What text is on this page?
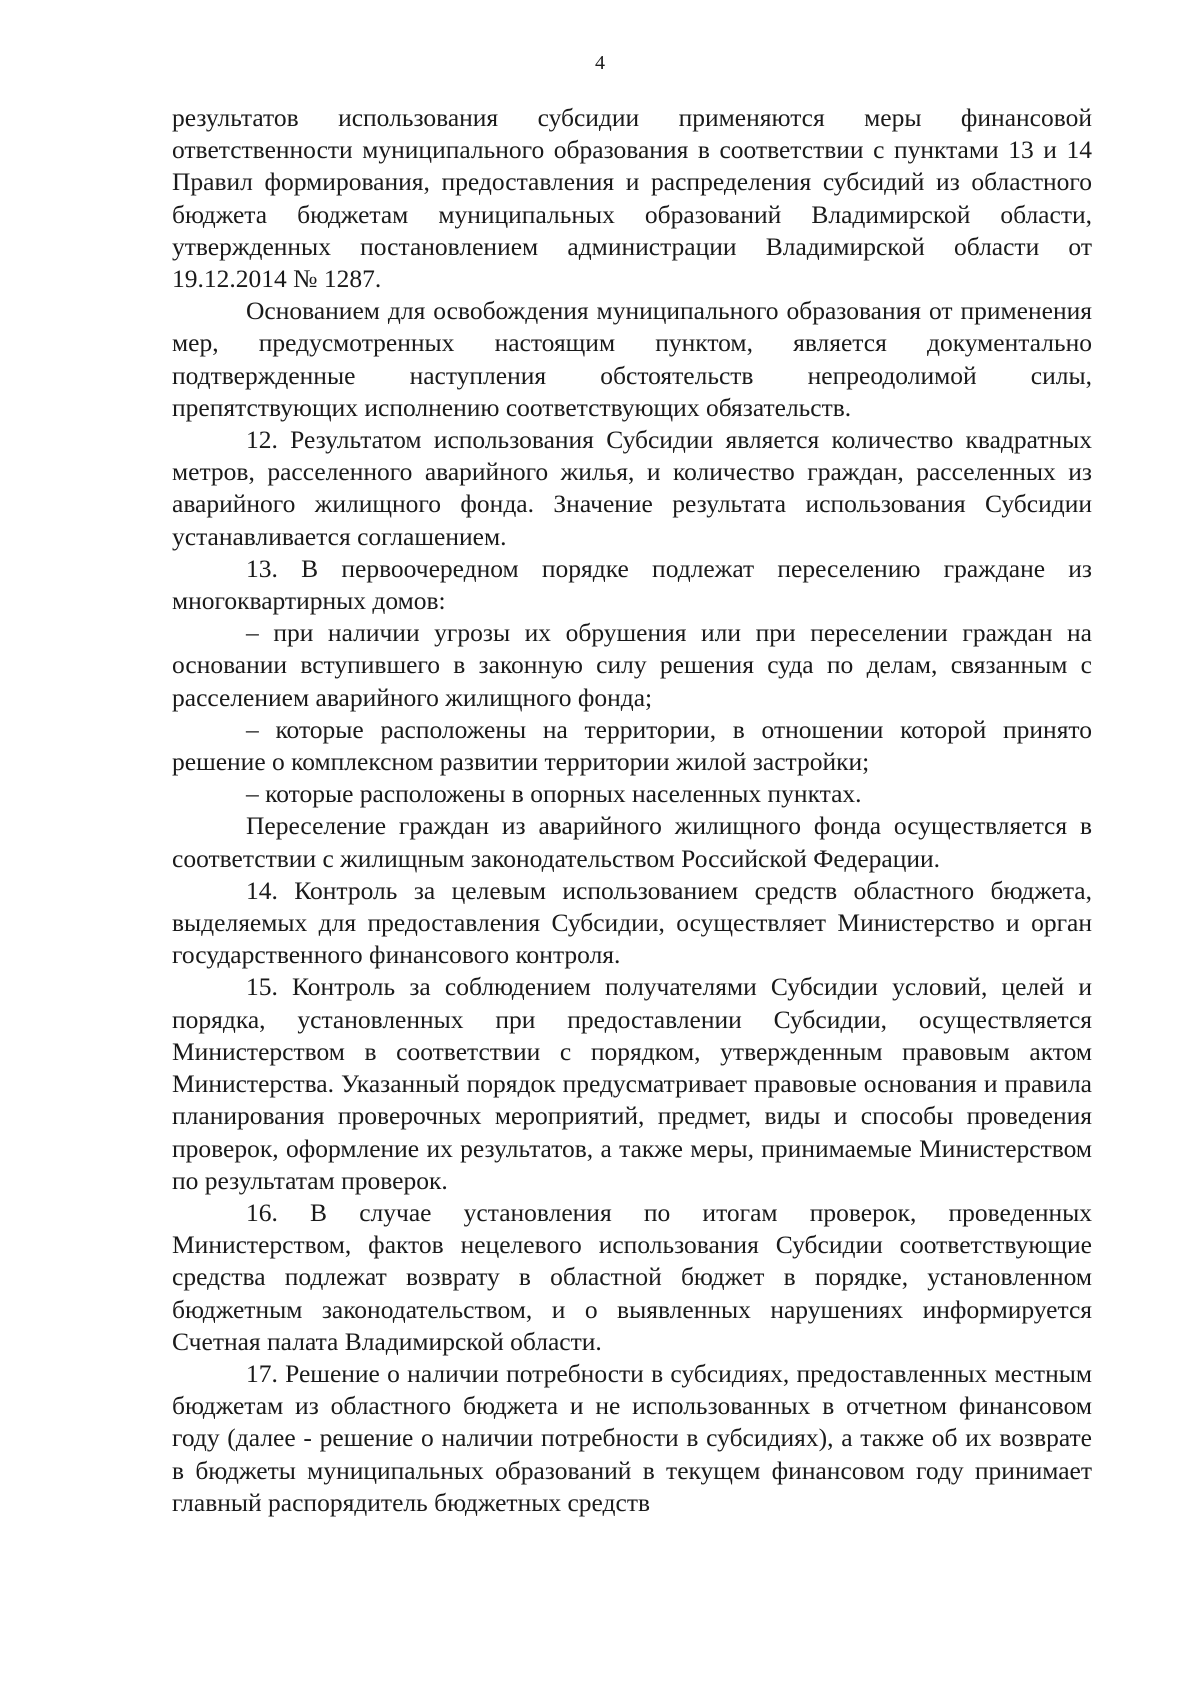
4

результатов использования субсидии применяются меры финансовой ответственности муниципального образования в соответствии с пунктами 13 и 14 Правил формирования, предоставления и распределения субсидий из областного бюджета бюджетам муниципальных образований Владимирской области, утвержденных постановлением администрации Владимирской области от 19.12.2014 № 1287.

Основанием для освобождения муниципального образования от применения мер, предусмотренных настоящим пунктом, является документально подтвержденные наступления обстоятельств непреодолимой силы, препятствующих исполнению соответствующих обязательств.

12. Результатом использования Субсидии является количество квадратных метров, расселенного аварийного жилья, и количество граждан, расселенных из аварийного жилищного фонда. Значение результата использования Субсидии устанавливается соглашением.

13. В первоочередном порядке подлежат переселению граждане из многоквартирных домов:

– при наличии угрозы их обрушения или при переселении граждан на основании вступившего в законную силу решения суда по делам, связанным с расселением аварийного жилищного фонда;

– которые расположены на территории, в отношении которой принято решение о комплексном развитии территории жилой застройки;

– которые расположены в опорных населенных пунктах.

Переселение граждан из аварийного жилищного фонда осуществляется в соответствии с жилищным законодательством Российской Федерации.

14. Контроль за целевым использованием средств областного бюджета, выделяемых для предоставления Субсидии, осуществляет Министерство и орган государственного финансового контроля.

15. Контроль за соблюдением получателями Субсидии условий, целей и порядка, установленных при предоставлении Субсидии, осуществляется Министерством в соответствии с порядком, утвержденным правовым актом Министерства. Указанный порядок предусматривает правовые основания и правила планирования проверочных мероприятий, предмет, виды и способы проведения проверок, оформление их результатов, а также меры, принимаемые Министерством по результатам проверок.

16. В случае установления по итогам проверок, проведенных Министерством, фактов нецелевого использования Субсидии соответствующие средства подлежат возврату в областной бюджет в порядке, установленном бюджетным законодательством, и о выявленных нарушениях информируется Счетная палата Владимирской области.

17. Решение о наличии потребности в субсидиях, предоставленных местным бюджетам из областного бюджета и не использованных в отчетном финансовом году (далее - решение о наличии потребности в субсидиях), а также об их возврате в бюджеты муниципальных образований в текущем финансовом году принимает главный распорядитель бюджетных средств
